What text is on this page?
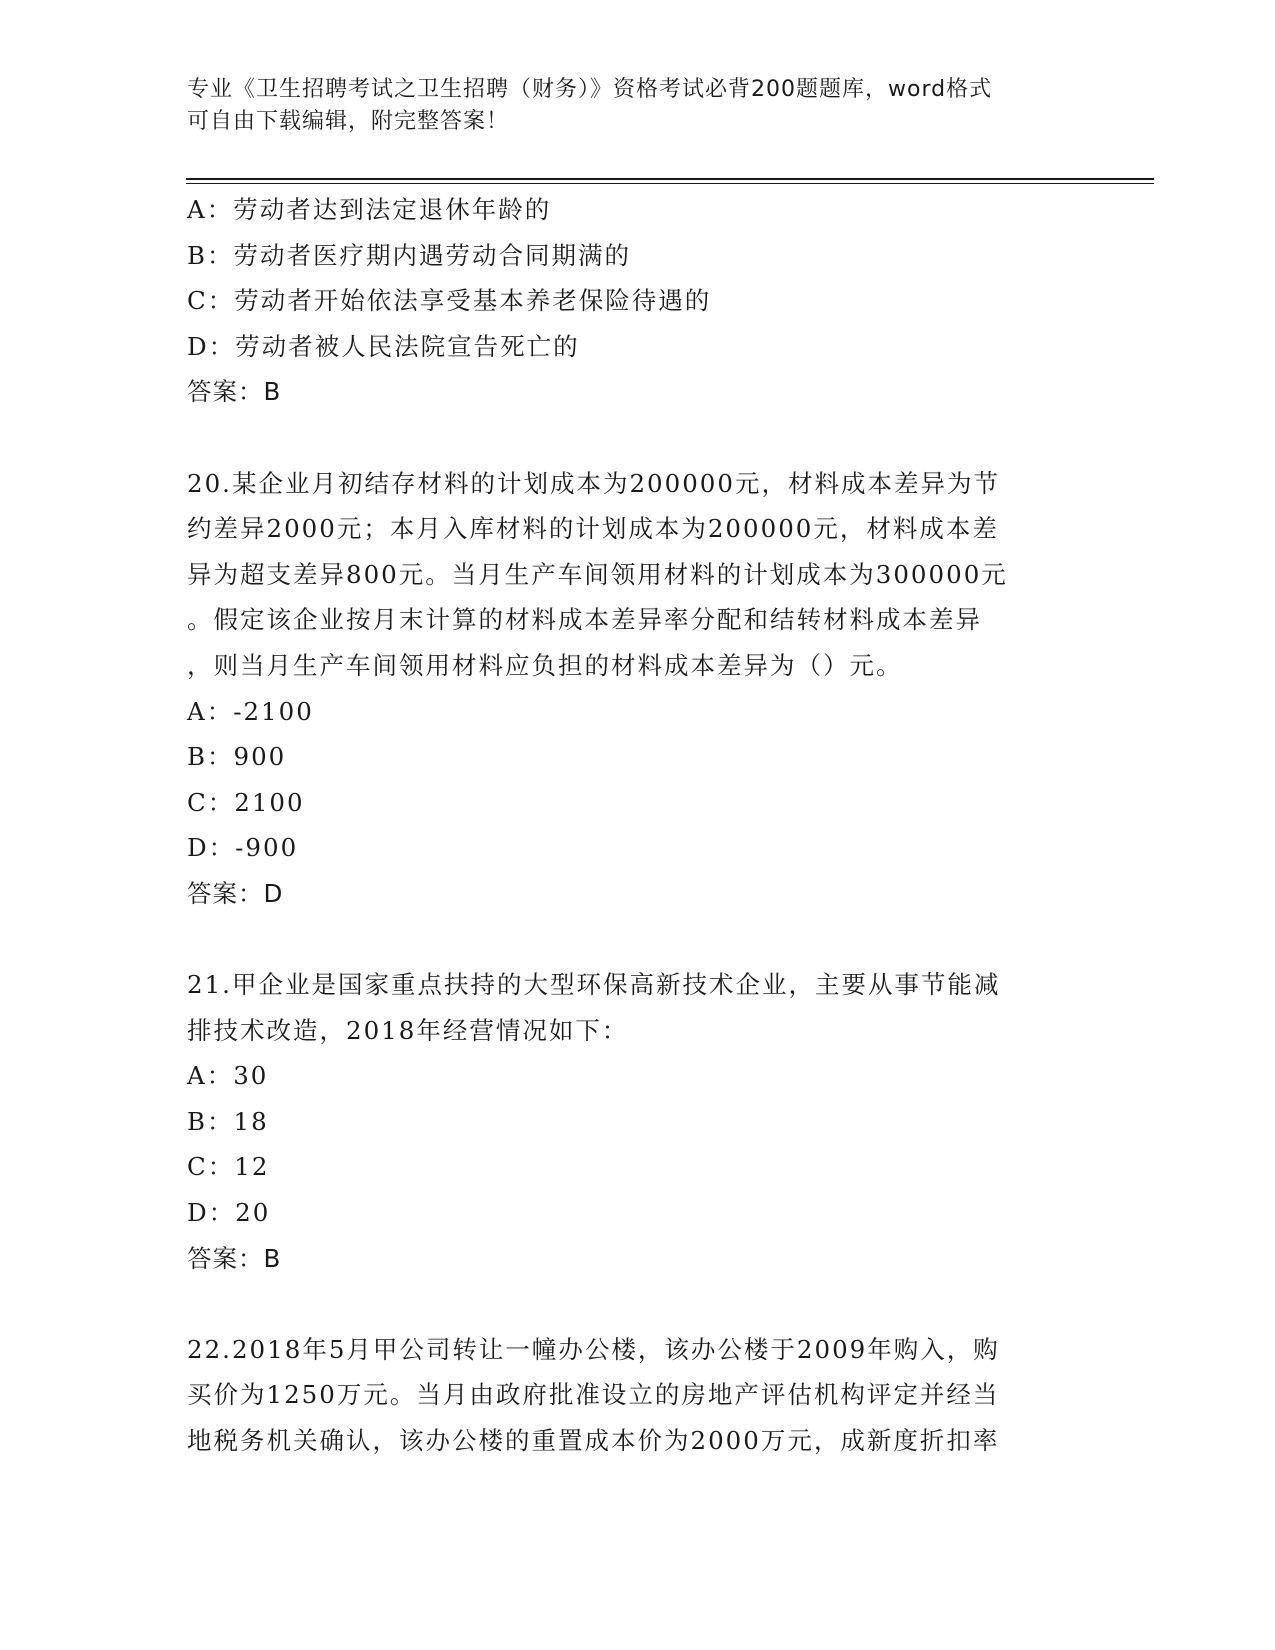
专业《卫生招聘考试之卫生招聘（财务）》资格考试必背200题题库，word格式
可自由下载编辑，附完整答案！
A：劳动者达到法定退休年龄的
B：劳动者医疗期内遇劳动合同期满的
C：劳动者开始依法享受基本养老保险待遇的
D：劳动者被人民法院宣告死亡的
答案：B
20.某企业月初结存材料的计划成本为200000元，材料成本差异为节
约差异2000元；本月入库材料的计划成本为200000元，材料成本差
异为超支差异800元。当月生产车间领用材料的计划成本为300000元
。假定该企业按月末计算的材料成本差异率分配和结转材料成本差异
，则当月生产车间领用材料应负担的材料成本差异为（）元。
A：-2100
B：900
C：2100
D：-900
答案：D
21.甲企业是国家重点扶持的大型环保高新技术企业，主要从事节能减
排技术改造，2018年经营情况如下：
A：30
B：18
C：12
D：20
答案：B
22.2018年5月甲公司转让一幢办公楼，该办公楼于2009年购入，购
买价为1250万元。当月由政府批准设立的房地产评估机构评定并经当
地税务机关确认，该办公楼的重置成本价为2000万元，成新度折扣率
